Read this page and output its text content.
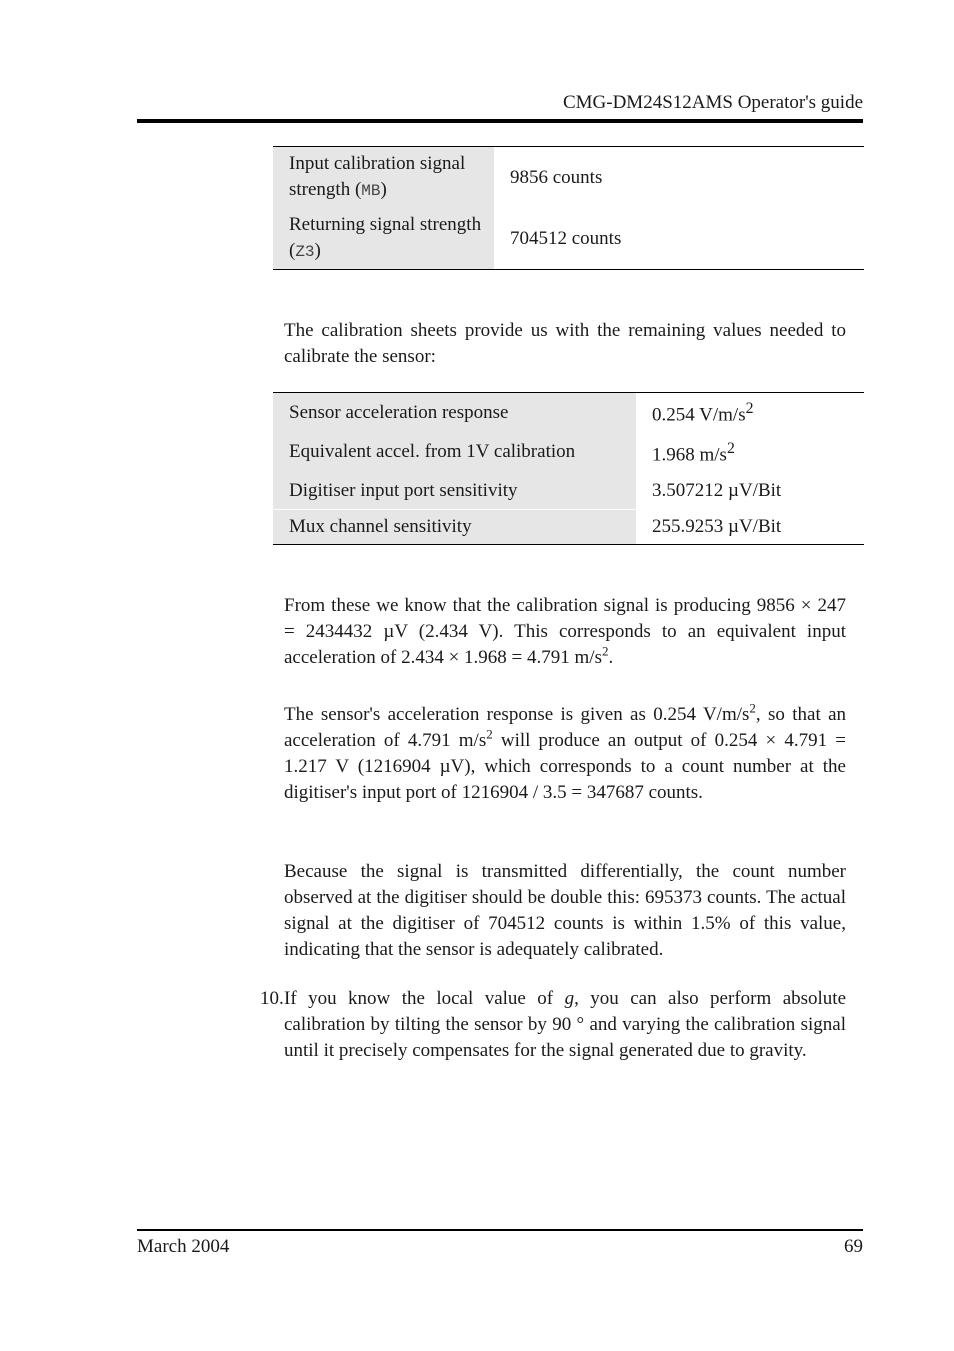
CMG-DM24S12AMS Operator's guide
Input calibration signal strength (MB)	9856 counts
Returning signal strength (Z3)	704512 counts
The calibration sheets provide us with the remaining values needed to calibrate the sensor:
Sensor acceleration response	0.254 $V/m/s^2$
Equivalent accel. from 1V calibration	1.968 $m/s^2$
Digitiser input port sensitivity	3.507212 µV/Bit
Mux channel sensitivity	255.9253 µV/Bit
From these we know that the calibration signal is producing 9856 × 247 = 2434432 µV (2.434 V). This corresponds to an equivalent input acceleration of 2.434 × 1.968 = 4.791 $m/s^2$.
The sensor's acceleration response is given as 0.254 $V/m/s^2$, so that an acceleration of 4.791 $m/s^2$ will produce an output of 0.254 × 4.791 = 1.217 V (1216904 µV), which corresponds to a count number at the digitiser's input port of 1216904 / 3.5 = 347687 counts.
Because the signal is transmitted differentially, the count number observed at the digitiser should be double this: 695373 counts. The actual signal at the digitiser of 704512 counts is within 1.5% of this value, indicating that the sensor is adequately calibrated.
10. If you know the local value of g, you can also perform absolute calibration by tilting the sensor by 90 ° and varying the calibration signal until it precisely compensates for the signal generated due to gravity.
March 2004	69
